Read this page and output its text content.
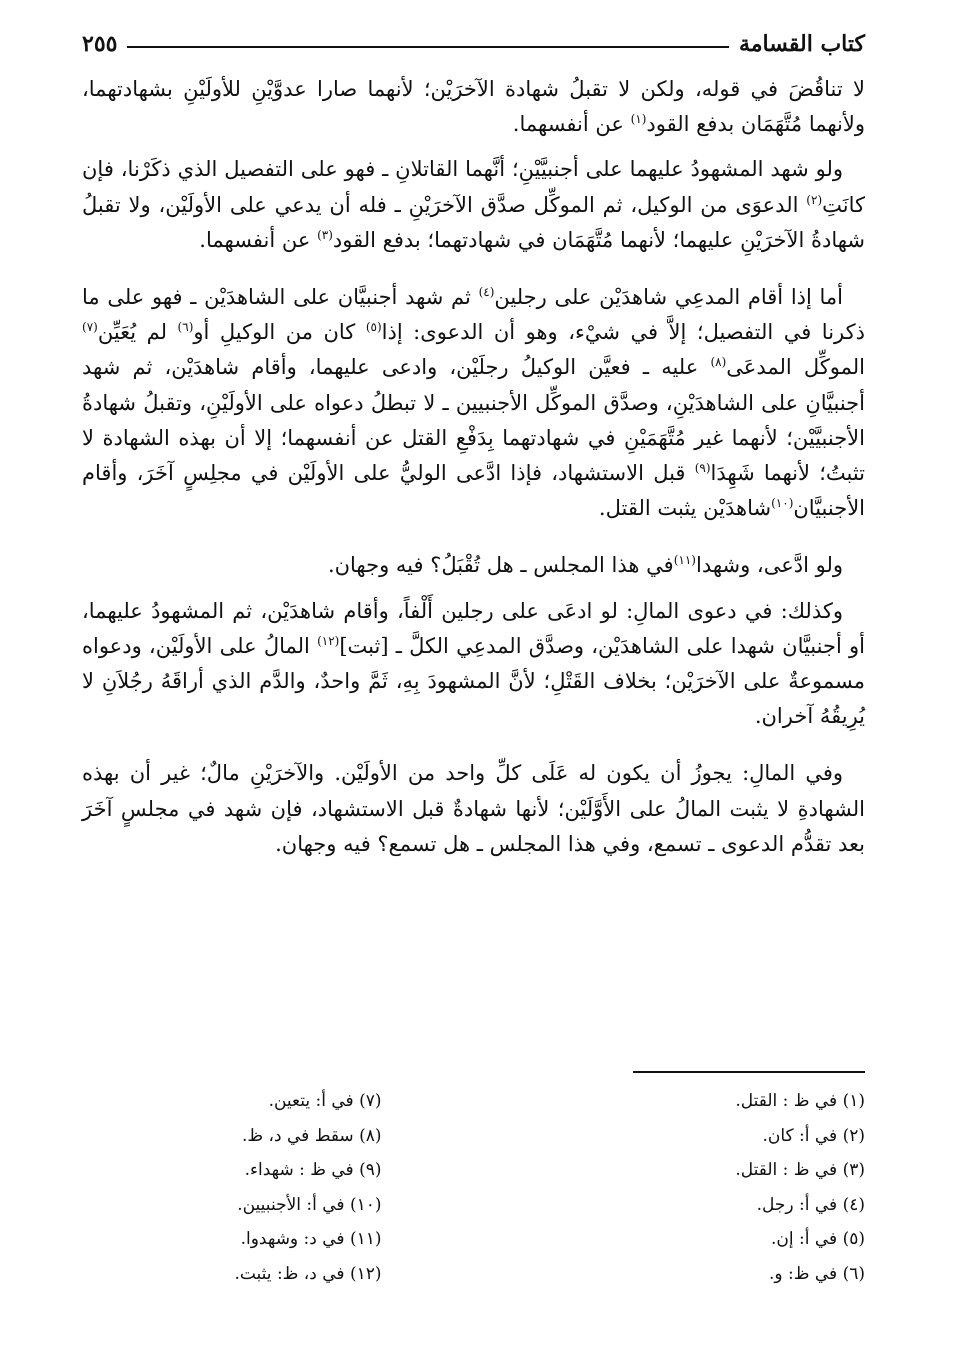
كتاب القسامة
٢٥٥

لا تناقُضَ في قوله، ولكن لا تقبلُ شهادة الآخرَيْن؛ لأنهما صارا عدوَّيْنِ للأولَيْنِ بشهادتهما، ولأنهما مُتَّهَمَان بدفع القود$^{(١)}$ عن أنفسهما.

ولو شهد المشهودُ عليهما على أجنبيَّيْنِ؛ أنَّهما القاتلانِ ـ فهو على التفصيل الذي ذكَرْنا، فإن كانَتِ$^{(٢)}$ الدعوَى من الوكيل، ثم الموكِّل صدَّق الآخرَيْنِ ـ فله أن يدعي على الأولَيْن، ولا تقبلُ شهادةُ الآخرَيْنِ عليهما؛ لأنهما مُتَّهَمَان في شهادتهما؛ بدفع القود$^{(٣)}$ عن أنفسهما.

أما إذا أقام المدعِي شاهدَيْن على رجلين$^{(٤)}$ ثم شهد أجنبيَّان على الشاهدَيْن ـ فهو على ما ذكرنا في التفصيل؛ إلاَّ في شيْء، وهو أن الدعوى: إذا$^{(٥)}$ كان من الوكيلِ أو$^{(٦)}$ لم يُعَيِّن$^{(٧)}$ الموكِّل المدعَى$^{(٨)}$ عليه ـ فعيَّن الوكيلُ رجلَيْن، وادعى عليهما، وأقام شاهدَيْن، ثم شهد أجنبيَّانِ على الشاهدَيْنِ، وصدَّق الموكِّل الأجنبيين ـ لا تبطلُ دعواه على الأولَيْنِ، وتقبلُ شهادةُ الأجنبيَّيْن؛ لأنهما غير مُتَّهَمَيْنِ في شهادتهما بِدَفْعِ القتل عن أنفسهما؛ إلا أن بهذه الشهادة لا تثبتُ؛ لأنهما شَهِدَا$^{(٩)}$ قبل الاستشهاد، فإذا ادَّعى الوليُّ على الأولَيْن في مجلِسٍ آخَرَ، وأقام الأجنبيَّان$^{(١٠)}$شاهدَيْن يثبت القتل.

ولو ادَّعى، وشهدا$^{(١١)}$في هذا المجلس ـ هل تُقْبَلُ؟ فيه وجهان.

وكذلك: في دعوى المالِ: لو ادعَى على رجلين أَلْفاً، وأقام شاهدَيْن، ثم المشهودُ عليهما، أو أجنبيَّان شهدا على الشاهدَيْن، وصدَّق المدعِي الكلَّ ـ [ثبت]$^{(١٢)}$ المالُ على الأولَيْن، ودعواه مسموعةٌ على الآخرَيْن؛ بخلاف القَتْلِ؛ لأنَّ المشهودَ بِهِ، ثَمَّ واحدٌ، والدَّم الذي أراقَهُ رجُلاَنِ لا يُرِيقُهُ آخران.

وفي المالِ: يجوزُ أن يكون له عَلَى كلِّ واحد من الأولَيْن. والآخرَيْنِ مالٌ؛ غير أن بهذه الشهادةِ لا يثبت المالُ على الأَوَّلَيْن؛ لأنها شهادةٌ قبل الاستشهاد، فإن شهد في مجلسٍ آخَرَ بعد تقدُّم الدعوى ـ تسمع، وفي هذا المجلس ـ هل تسمع؟ فيه وجهان.

(١) في ظ : القتل.
(٢) في أ: كان.
(٣) في ظ : القتل.
(٤) في أ: رجل.
(٥) في أ: إن.
(٦) في ظ: و.
(٧) في أ: يتعين.
(٨) سقط في د، ظ.
(٩) في ظ : شهداء.
(١٠) في أ: الأجنبيين.
(١١) في د: وشهدوا.
(١٢) في د، ظ: يثبت.
